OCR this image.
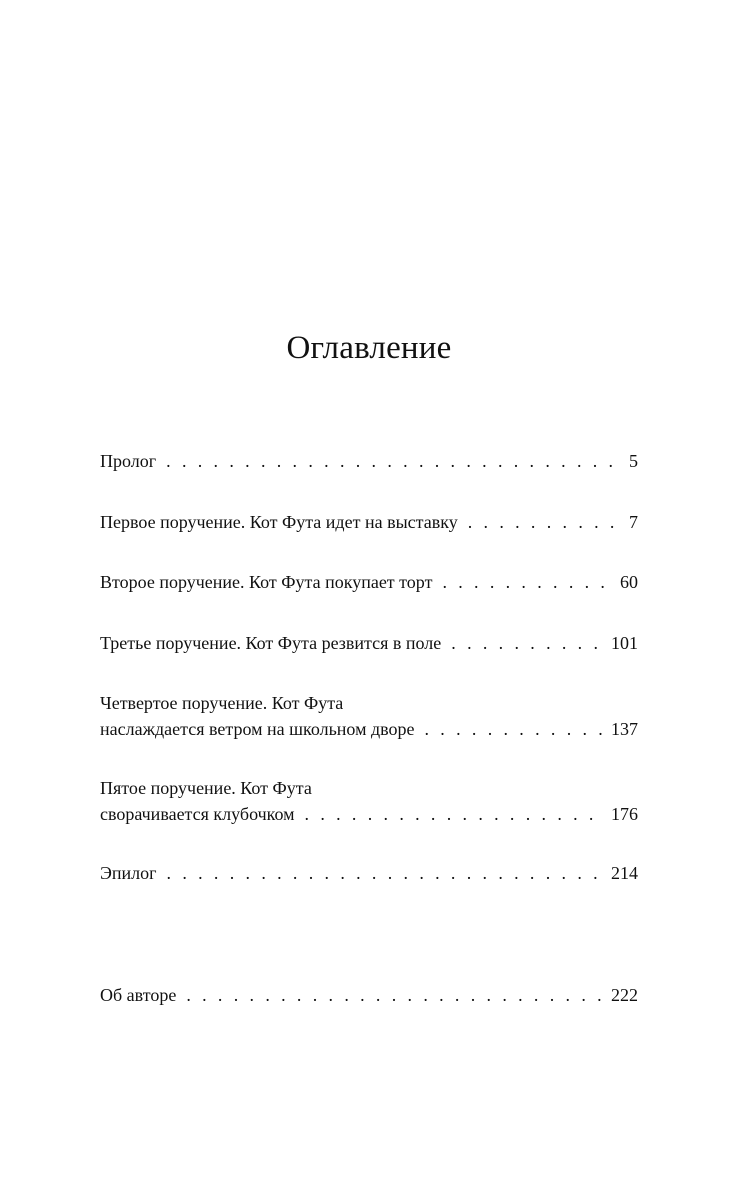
Оглавление
Пролог . . .	5
Первое поручение. Кот Фута идет на выставку . . .	7
Второе поручение. Кот Фута покупает торт . . .	60
Третье поручение. Кот Фута резвится в поле . . .	101
Четвертое поручение. Кот Фута
наслаждается ветром на школьном дворе . . .	137
Пятое поручение. Кот Фута
сворачивается клубочком . . .	176
Эпилог . . .	214
Об авторе . . .	222
